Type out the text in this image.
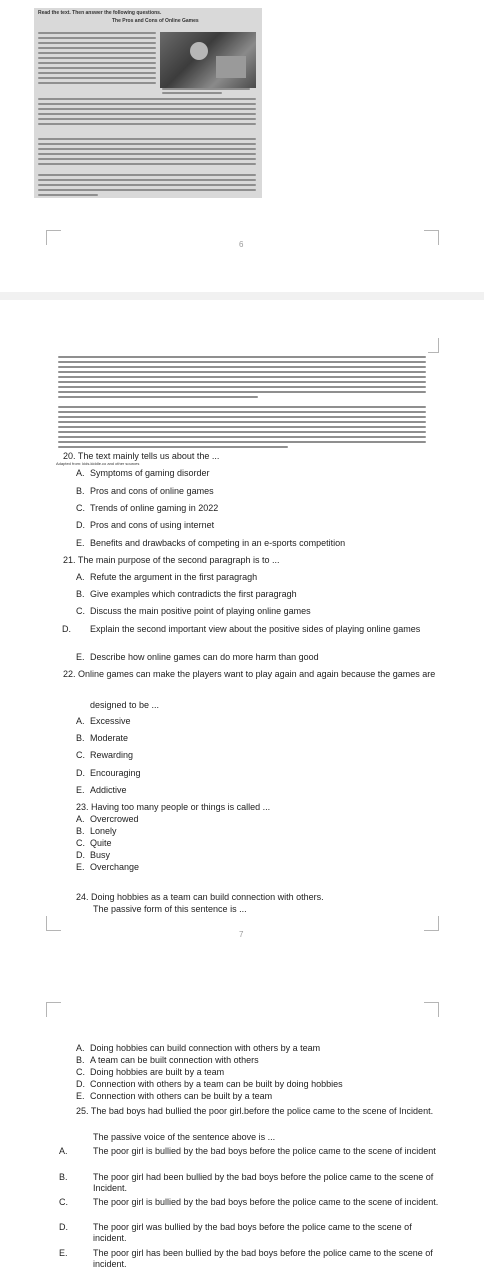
Read the text. Then answer the following questions.
The Pros and Cons of Online Games
6
Adapted from: kids.kiddle.co and other sources
20. The text mainly tells us about the ...
A. Symptoms of gaming disorder
B. Pros and cons of online games
C. Trends of online gaming in 2022
D. Pros and cons of using internet
E. Benefits and drawbacks of competing in an e-sports competition
21. The main purpose of the second paragraph is to ...
A. Refute the argument in the first paragragh
B. Give examples which contradicts the first paragragh
C. Discuss the main positive point of playing online games
D. Explain the second important view about the positive sides of playing online games
E. Describe how online games can do more harm than good
22. Online games can make the players want to play again and again because the games are
designed to be ...
A. Excessive
B. Moderate
C. Rewarding
D. Encouraging
E. Addictive
23. Having too many people or things is called ...
A. Overcrowed
B. Lonely
C. Quite
D. Busy
E. Overchange
24. Doing hobbies as a team can build connection with others.
The passive form of this sentence is ...
7
A. Doing hobbies can build connection with others by a team
B. A team can be built connection with others
C. Doing hobbies are built by a team
D. Connection with others by a team can be built by doing hobbies
E. Connection with others can be built by a team
25. The bad boys had bullied the poor girl.before the police came to the scene of Incident.
The passive voice of the sentence above is ...
A.	The poor girl is bullied by the bad boys before the police came to the scene of incident
B.	The poor girl had been bullied by the bad boys before the police came to the scene of Incident.
C.	The poor girl is bullied by the bad boys before the police came to the scene of incident.
D.	The poor girl was bullied by the bad boys before the police came to the scene of incident.
E.	The poor girl has been bullied by the bad boys before the police came to the scene of incident.
